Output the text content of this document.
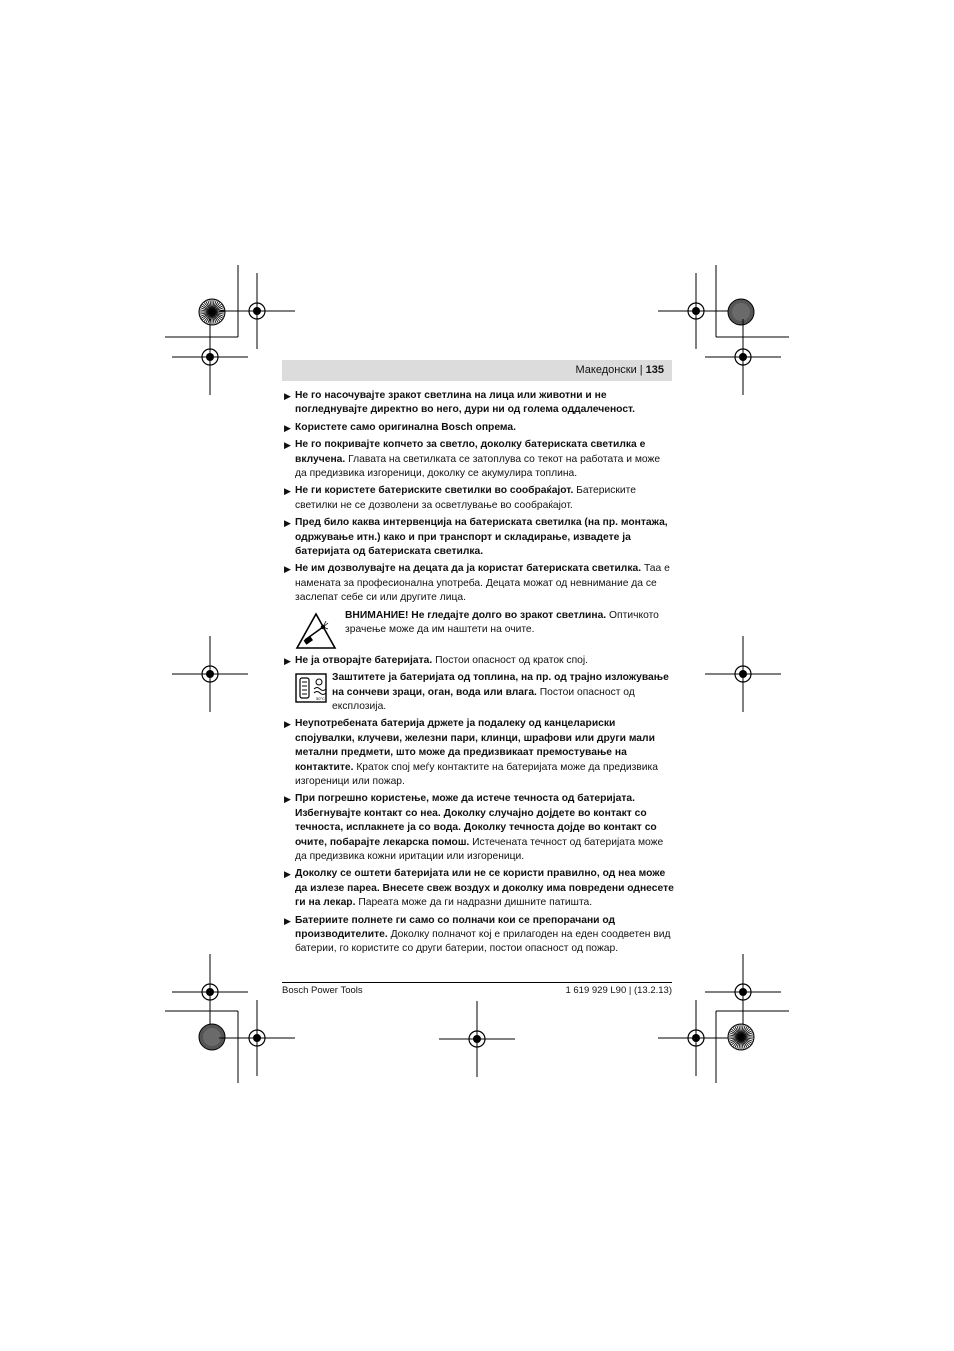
Македонски | 135
▶ Не го насочувајте зракот светлина на лица или животни и не погледнувајте директно во него, дури ни од голема оддалеченост.
▶ Користете само оригинална Bosch опрема.
▶ Не го покривајте копчето за светло, доколку батериската светилка е вклучена. Главата на светилката се затоплува со текот на работата и може да предизвика изгореници, доколку се акумулира топлина.
▶ Не ги користете батериските светилки во сообраќајот. Батериските светилки не се дозволени за осветлување во сообраќајот.
▶ Пред било каква интервенција на батериската светилка (на пр. монтажа, одржување итн.) како и при транспорт и складирање, извадете ја батеријата од батериската светилка.
▶ Не им дозволувајте на децата да ја користат батериската светилка. Таа е намената за професионална употреба. Децата можат од невнимание да се заслепат себе си или другите лица.
ВНИМАНИЕ! Не гледајте долго во зракот светлина. Оптичкото зрачење може да им наштети на очите.
▶ Не ја отворајте батеријата. Постои опасност од краток спој.
50°C
Заштитете ја батеријата од топлина, на пр. од трајно изложување на сончеви зраци, оган, вода или влага. Постои опасност од експлозија.
▶ Неупотребената батерија држете ја подалеку од канцелариски спојувалки, клучеви, железни пари, клинци, шрафови или други мали метални предмети, што може да предизвикаат премостување на контактите. Краток спој меѓу контактите на батеријата може да предизвика изгореници или пожар.
▶ При погрешно користење, може да истече течноста од батеријата. Избегнувајте контакт со неа. Доколку случајно дојдете во контакт со течноста, исплакнете ја со вода. Доколку течноста дојде во контакт со очите, побарајте лекарска помош. Истечената течност од батеријата може да предизвика кожни иритации или изгореници.
▶ Доколку се оштети батеријата или не се користи правилно, од неа може да излезе пареа. Внесете свеж воздух и доколку има повредени однесете ги на лекар. Пареата може да ги надразни дишните патишта.
▶ Батериите полнете ги само со полначи кои се препорачани од производителите. Доколку полначот кој е прилагоден на еден соодветен вид батерии, го користите со други батерии, постои опасност од пожар.
Bosch Power Tools	1 619 929 L90 | (13.2.13)
